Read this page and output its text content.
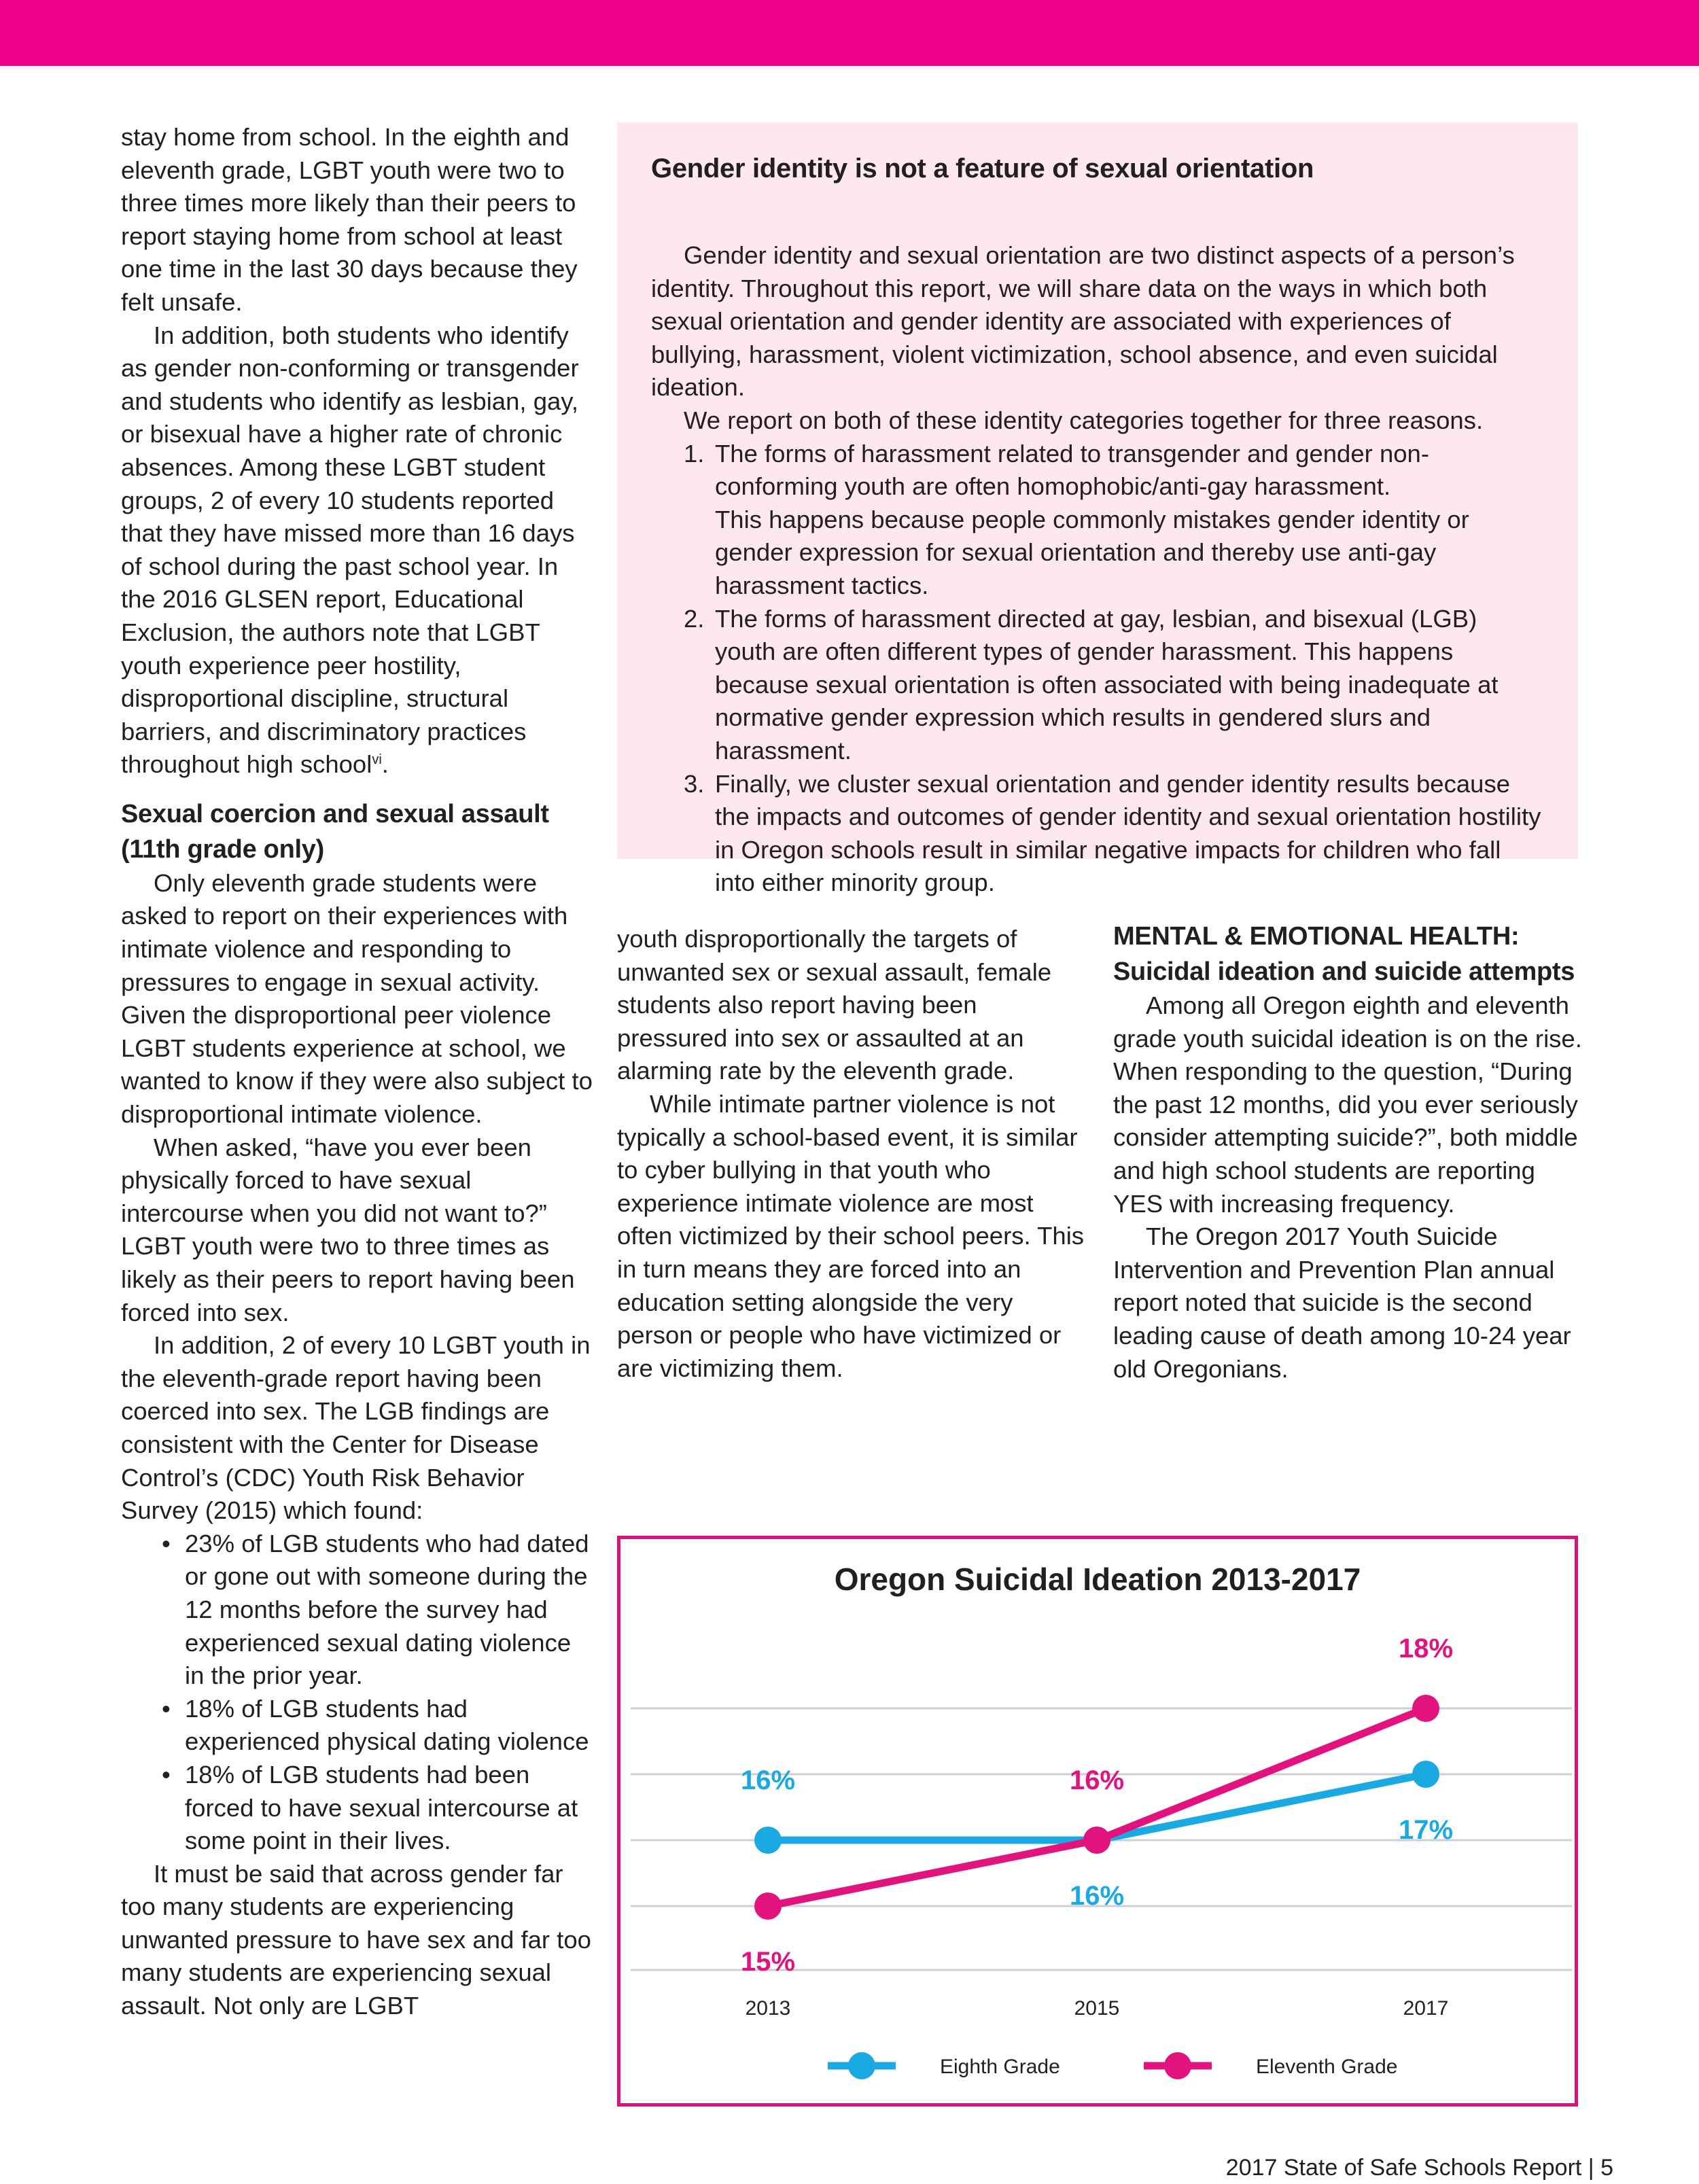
stay home from school. In the eighth and eleventh grade, LGBT youth were two to three times more likely than their peers to report staying home from school at least one time in the last 30 days because they felt unsafe.

In addition, both students who identify as gender non-conforming or transgender and students who identify as lesbian, gay, or bisexual have a higher rate of chronic absences. Among these LGBT student groups, 2 of every 10 students reported that they have missed more than 16 days of school during the past school year. In the 2016 GLSEN report, Educational Exclusion, the authors note that LGBT youth experience peer hostility, disproportional discipline, structural barriers, and discriminatory practices throughout high school$^{vi}$.

Sexual coercion and sexual assault (11th grade only)

Only eleventh grade students were asked to report on their experiences with intimate violence and responding to pressures to engage in sexual activity. Given the disproportional peer violence LGBT students experience at school, we wanted to know if they were also subject to disproportional intimate violence.

When asked, “have you ever been physically forced to have sexual intercourse when you did not want to?” LGBT youth were two to three times as likely as their peers to report having been forced into sex.

In addition, 2 of every 10 LGBT youth in the eleventh-grade report having been coerced into sex. The LGB findings are consistent with the Center for Disease Control’s (CDC) Youth Risk Behavior Survey (2015) which found:

• 23% of LGB students who had dated or gone out with someone during the 12 months before the survey had experienced sexual dating violence in the prior year.
• 18% of LGB students had experienced physical dating violence
• 18% of LGB students had been forced to have sexual intercourse at some point in their lives.

It must be said that across gender far too many students are experiencing unwanted pressure to have sex and far too many students are experiencing sexual assault. Not only are LGBT

Gender identity is not a feature of sexual orientation

Gender identity and sexual orientation are two distinct aspects of a person’s identity. Throughout this report, we will share data on the ways in which both sexual orientation and gender identity are associated with experiences of bullying, harassment, violent victimization, school absence, and even suicidal ideation.

We report on both of these identity categories together for three reasons.

1. The forms of harassment related to transgender and gender non-conforming youth are often homophobic/anti-gay harassment.
This happens because people commonly mistakes gender identity or gender expression for sexual orientation and thereby use anti-gay harassment tactics.
2. The forms of harassment directed at gay, lesbian, and bisexual (LGB) youth are often different types of gender harassment. This happens because sexual orientation is often associated with being inadequate at normative gender expression which results in gendered slurs and harassment.
3. Finally, we cluster sexual orientation and gender identity results because the impacts and outcomes of gender identity and sexual orientation hostility in Oregon schools result in similar negative impacts for children who fall into either minority group.

youth disproportionally the targets of unwanted sex or sexual assault, female students also report having been pressured into sex or assaulted at an alarming rate by the eleventh grade.

While intimate partner violence is not typically a school-based event, it is similar to cyber bullying in that youth who experience intimate violence are most often victimized by their school peers. This in turn means they are forced into an education setting alongside the very person or people who have victimized or are victimizing them.

MENTAL & EMOTIONAL HEALTH:

Suicidal ideation and suicide attempts

Among all Oregon eighth and eleventh grade youth suicidal ideation is on the rise. When responding to the question, “During the past 12 months, did you ever seriously consider attempting suicide?”, both middle and high school students are reporting YES with increasing frequency.

The Oregon 2017 Youth Suicide Intervention and Prevention Plan annual report noted that suicide is the second leading cause of death among 10-24 year old Oregonians.

Oregon Suicidal Ideation 2013-2017
2013	2015	2017
16%
16%
17%
15%
16%
18%
Eighth Grade	Eleventh Grade
2017 State of Safe Schools Report | 5
